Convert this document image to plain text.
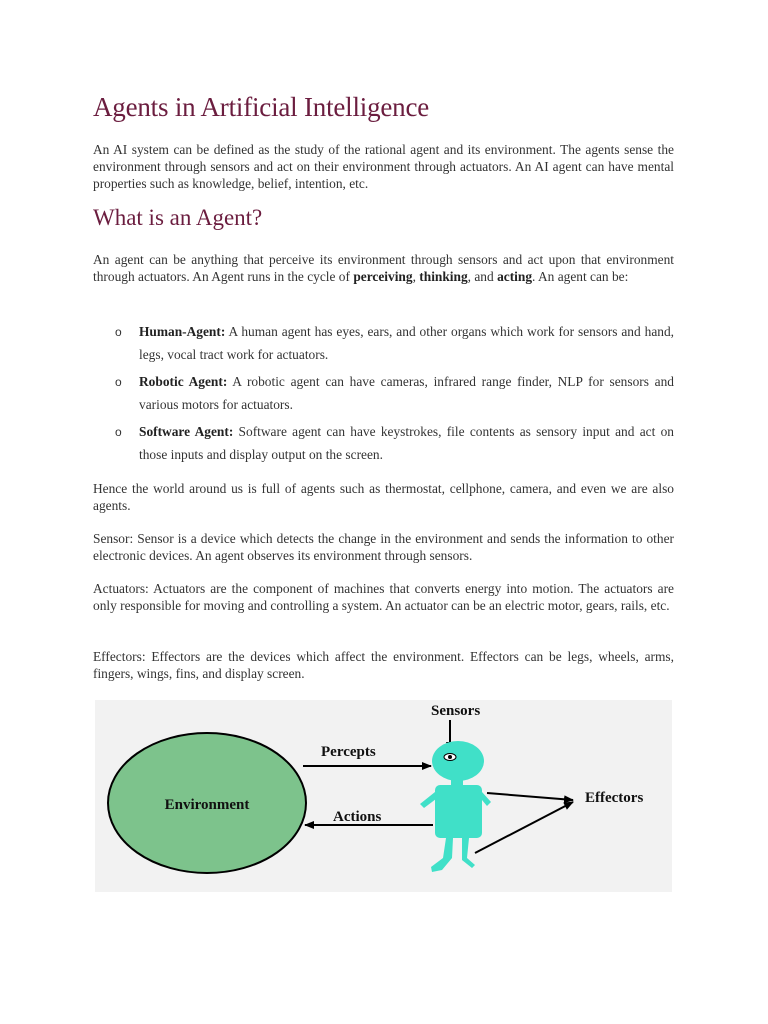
Agents in Artificial Intelligence

An AI system can be defined as the study of the rational agent and its environment. The agents sense the environment through sensors and act on their environment through actuators. An AI agent can have mental properties such as knowledge, belief, intention, etc.

What is an Agent?

An agent can be anything that perceive its environment through sensors and act upon that environment through actuators. An Agent runs in the cycle of perceiving, thinking, and acting. An agent can be:

o Human-Agent: A human agent has eyes, ears, and other organs which work for sensors and hand, legs, vocal tract work for actuators.
o Robotic Agent: A robotic agent can have cameras, infrared range finder, NLP for sensors and various motors for actuators.
o Software Agent: Software agent can have keystrokes, file contents as sensory input and act on those inputs and display output on the screen.

Hence the world around us is full of agents such as thermostat, cellphone, camera, and even we are also agents.

Sensor: Sensor is a device which detects the change in the environment and sends the information to other electronic devices. An agent observes its environment through sensors.

Actuators: Actuators are the component of machines that converts energy into motion. The actuators are only responsible for moving and controlling a system. An actuator can be an electric motor, gears, rails, etc.

Effectors: Effectors are the devices which affect the environment. Effectors can be legs, wheels, arms, fingers, wings, fins, and display screen.

Environment
Percepts
Actions
Sensors
Effectors
